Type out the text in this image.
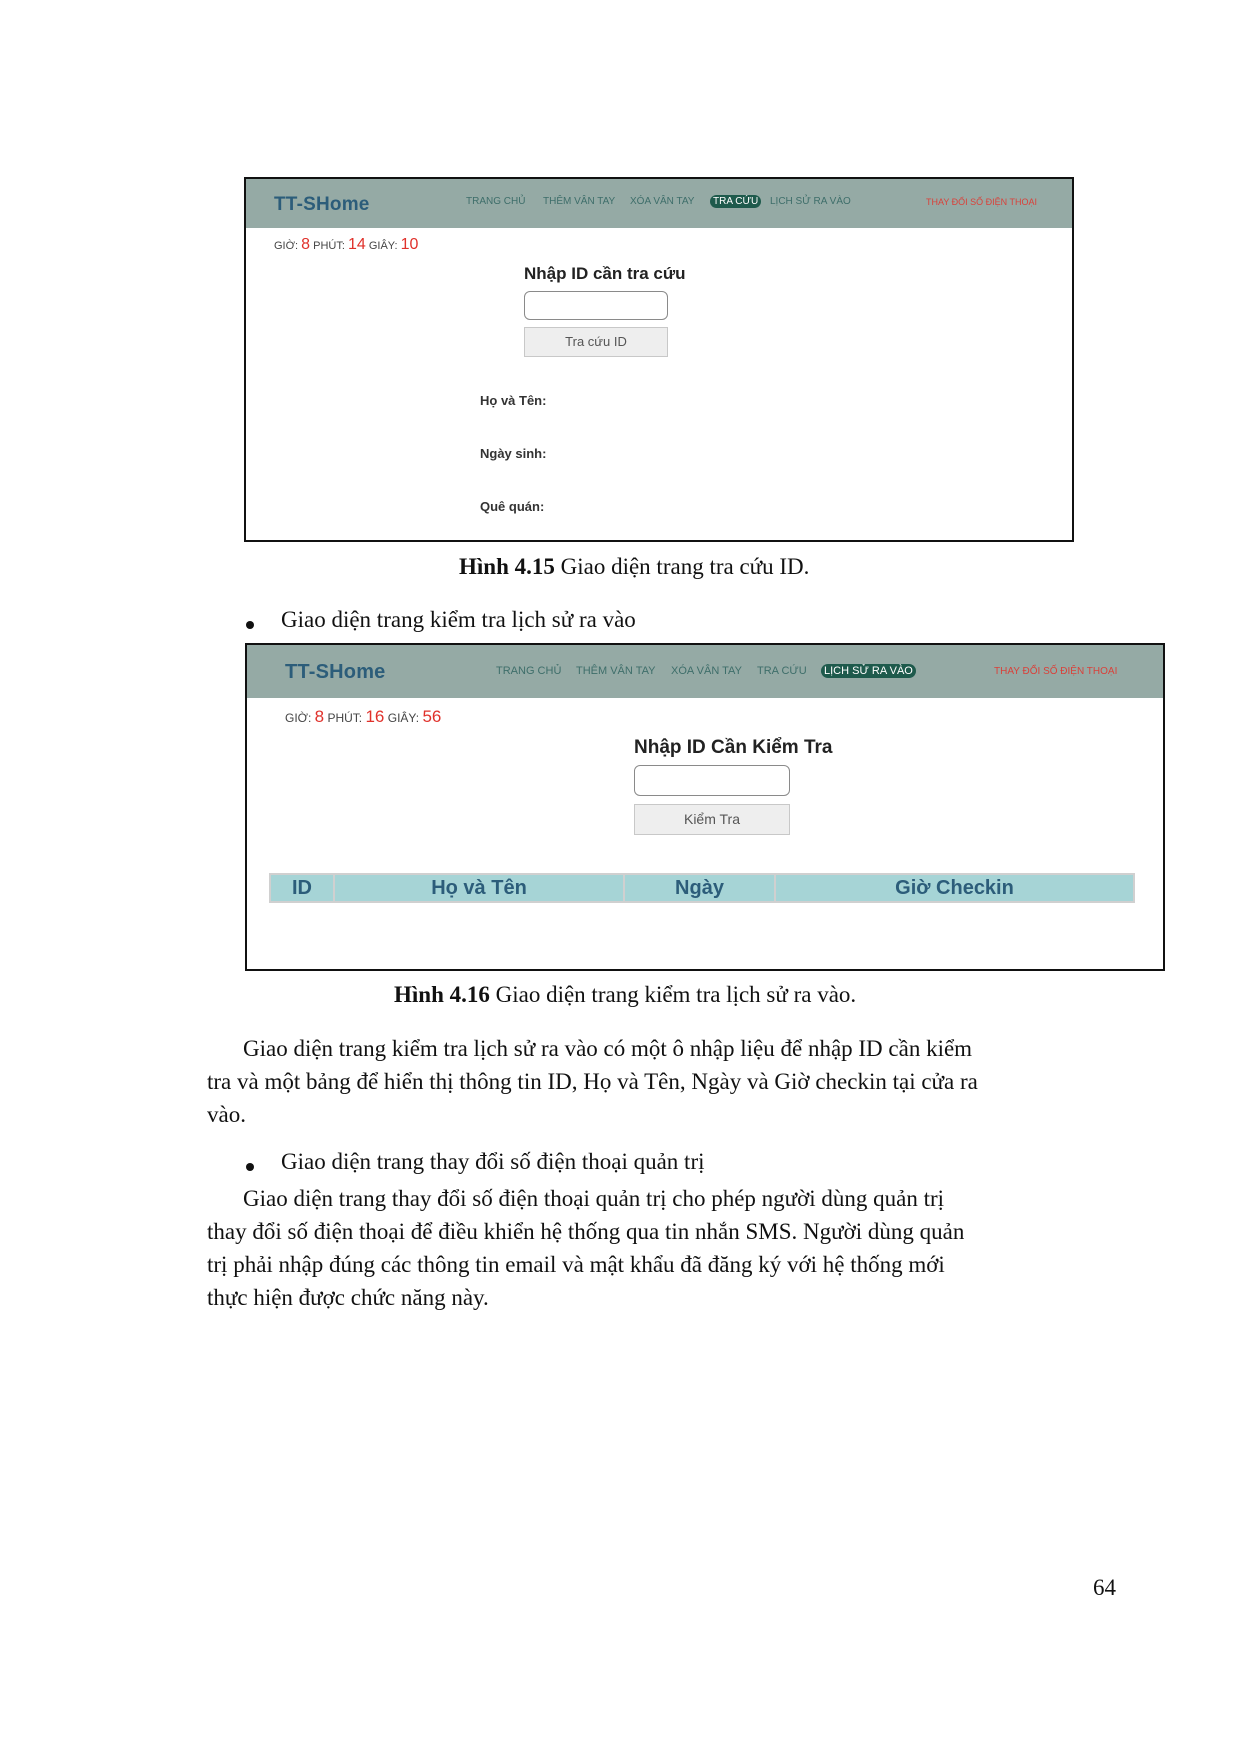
TT-SHome	TRANG CHỦ THÊM VÂN TAY XÓA VÂN TAY	TRA CỨU	LỊCH SỬ RA VÀO	THAY ĐỔI SỐ ĐIỆN THOẠI
GIỜ: 8 PHÚT: 14 GIÂY: 10
Nhập ID cần tra cứu
Tra cứu ID
Họ và Tên:
Ngày sinh:
Quê quán:
Hình 4.15 Giao diện trang tra cứu ID.
Giao diện trang kiểm tra lịch sử ra vào
TT-SHome	TRANG CHỦ THÊM VÂN TAY XÓA VÂN TAY TRA CỨU LỊCH SỬ RA VÀO	THAY ĐỔI SỐ ĐIỆN THOẠI
GIỜ: 8 PHÚT: 16 GIÂY: 56
Nhập ID Cần Kiểm Tra
Kiểm Tra
ID	Họ và Tên	Ngày	Giờ Checkin
Hình 4.16 Giao diện trang kiểm tra lịch sử ra vào.
Giao diện trang kiểm tra lịch sử ra vào có một ô nhập liệu để nhập ID cần kiểm
tra và một bảng để hiển thị thông tin ID, Họ và Tên, Ngày và Giờ checkin tại cửa ra
vào.
Giao diện trang thay đổi số điện thoại quản trị
Giao diện trang thay đổi số điện thoại quản trị cho phép người dùng quản trị
thay đổi số điện thoại để điều khiển hệ thống qua tin nhắn SMS. Người dùng quản
trị phải nhập đúng các thông tin email và mật khẩu đã đăng ký với hệ thống mới
thực hiện được chức năng này.
64
